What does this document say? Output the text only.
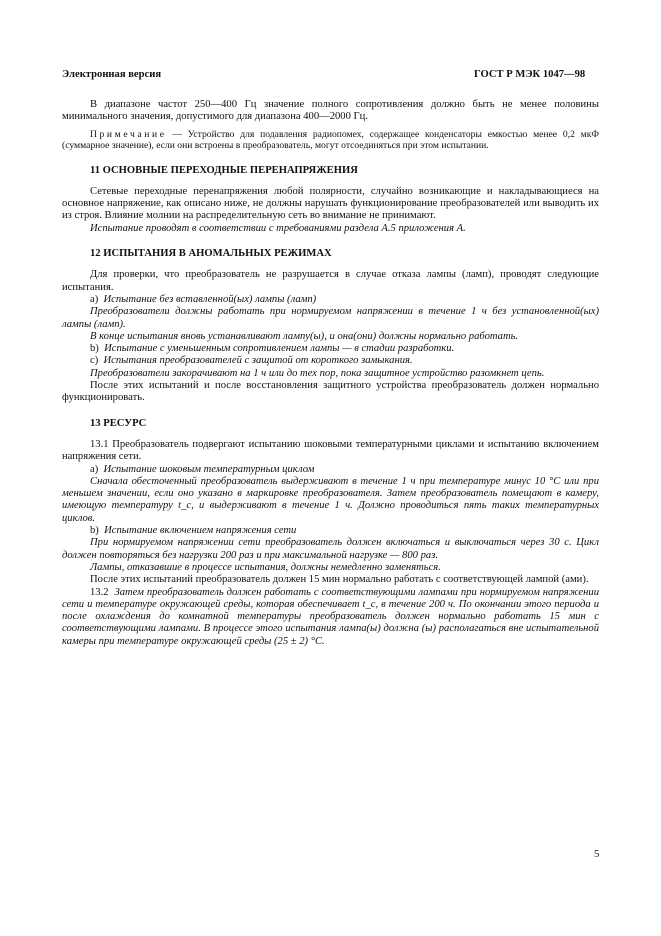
Электронная версия	ГОСТ Р МЭК 1047—98

В диапазоне частот 250—400 Гц значение полного сопротивления должно быть не менее половины минимального значения, допустимого для диапазона 400—2000 Гц.

Примечание — Устройство для подавления радиопомех, содержащее конденсаторы емкостью менее 0,2 мкФ (суммарное значение), если они встроены в преобразователь, могут отсоединяться при этом испытании.

11 ОСНОВНЫЕ ПЕРЕХОДНЫЕ ПЕРЕНАПРЯЖЕНИЯ

Сетевые переходные перенапряжения любой полярности, случайно возникающие и накладывающиеся на основное напряжение, как описано ниже, не должны нарушать функционирование преобразователей или выводить их из строя. Влияние молнии на распределительную сеть во внимание не принимают.

Испытание проводят в соответствии с требованиями раздела А.5 приложения А.

12 ИСПЫТАНИЯ В АНОМАЛЬНЫХ РЕЖИМАХ

Для проверки, что преобразователь не разрушается в случае отказа лампы (ламп), проводят следующие испытания.

а) Испытание без вставленной(ых) лампы (ламп)

Преобразователи должны работать при нормируемом напряжении в течение 1 ч без установленной(ых) лампы (ламп).

В конце испытания вновь устанавливают лампу(ы), и она(они) должны нормально работать.

b) Испытание с уменьшенным сопротивлением лампы — в стадии разработки.

с) Испытания преобразователей с защитой от короткого замыкания.

Преобразователи закорачивают на 1 ч или до тех пор, пока защитное устройство разомкнет цепь.

После этих испытаний и после восстановления защитного устройства преобразователь должен нормально функционировать.

13 РЕСУРС

13.1 Преобразователь подвергают испытанию шоковыми температурными циклами и испытанию включением напряжения сети.

а) Испытание шоковым температурным циклом

Сначала обесточенный преобразователь выдерживают в течение 1 ч при температуре минус 10 °С или при меньшем значении, если оно указано в маркировке преобразователя. Затем преобразователь помещают в камеру, имеющую температуру t_c, и выдерживают в течение 1 ч. Должно проводиться пять таких температурных циклов.

b) Испытание включением напряжения сети

При нормируемом напряжении сети преобразователь должен включаться и выключаться через 30 с. Цикл должен повторяться без нагрузки 200 раз и при максимальной нагрузке — 800 раз.

Лампы, отказавшие в процессе испытания, должны немедленно заменяться.

После этих испытаний преобразователь должен 15 мин нормально работать с соответствующей лампой (ами).

13.2 Затем преобразователь должен работать с соответствующими лампами при нормируемом напряжении сети и температуре окружающей среды, которая обеспечивает t_c, в течение 200 ч. По окончании этого периода и после охлаждения до комнатной температуры преобразователь должен нормально работать 15 мин с соответствующими лампами. В процессе этого испытания лампа(ы) должна (ы) располагаться вне испытательной камеры при температуре окружающей среды (25 ± 2) °С.

5
